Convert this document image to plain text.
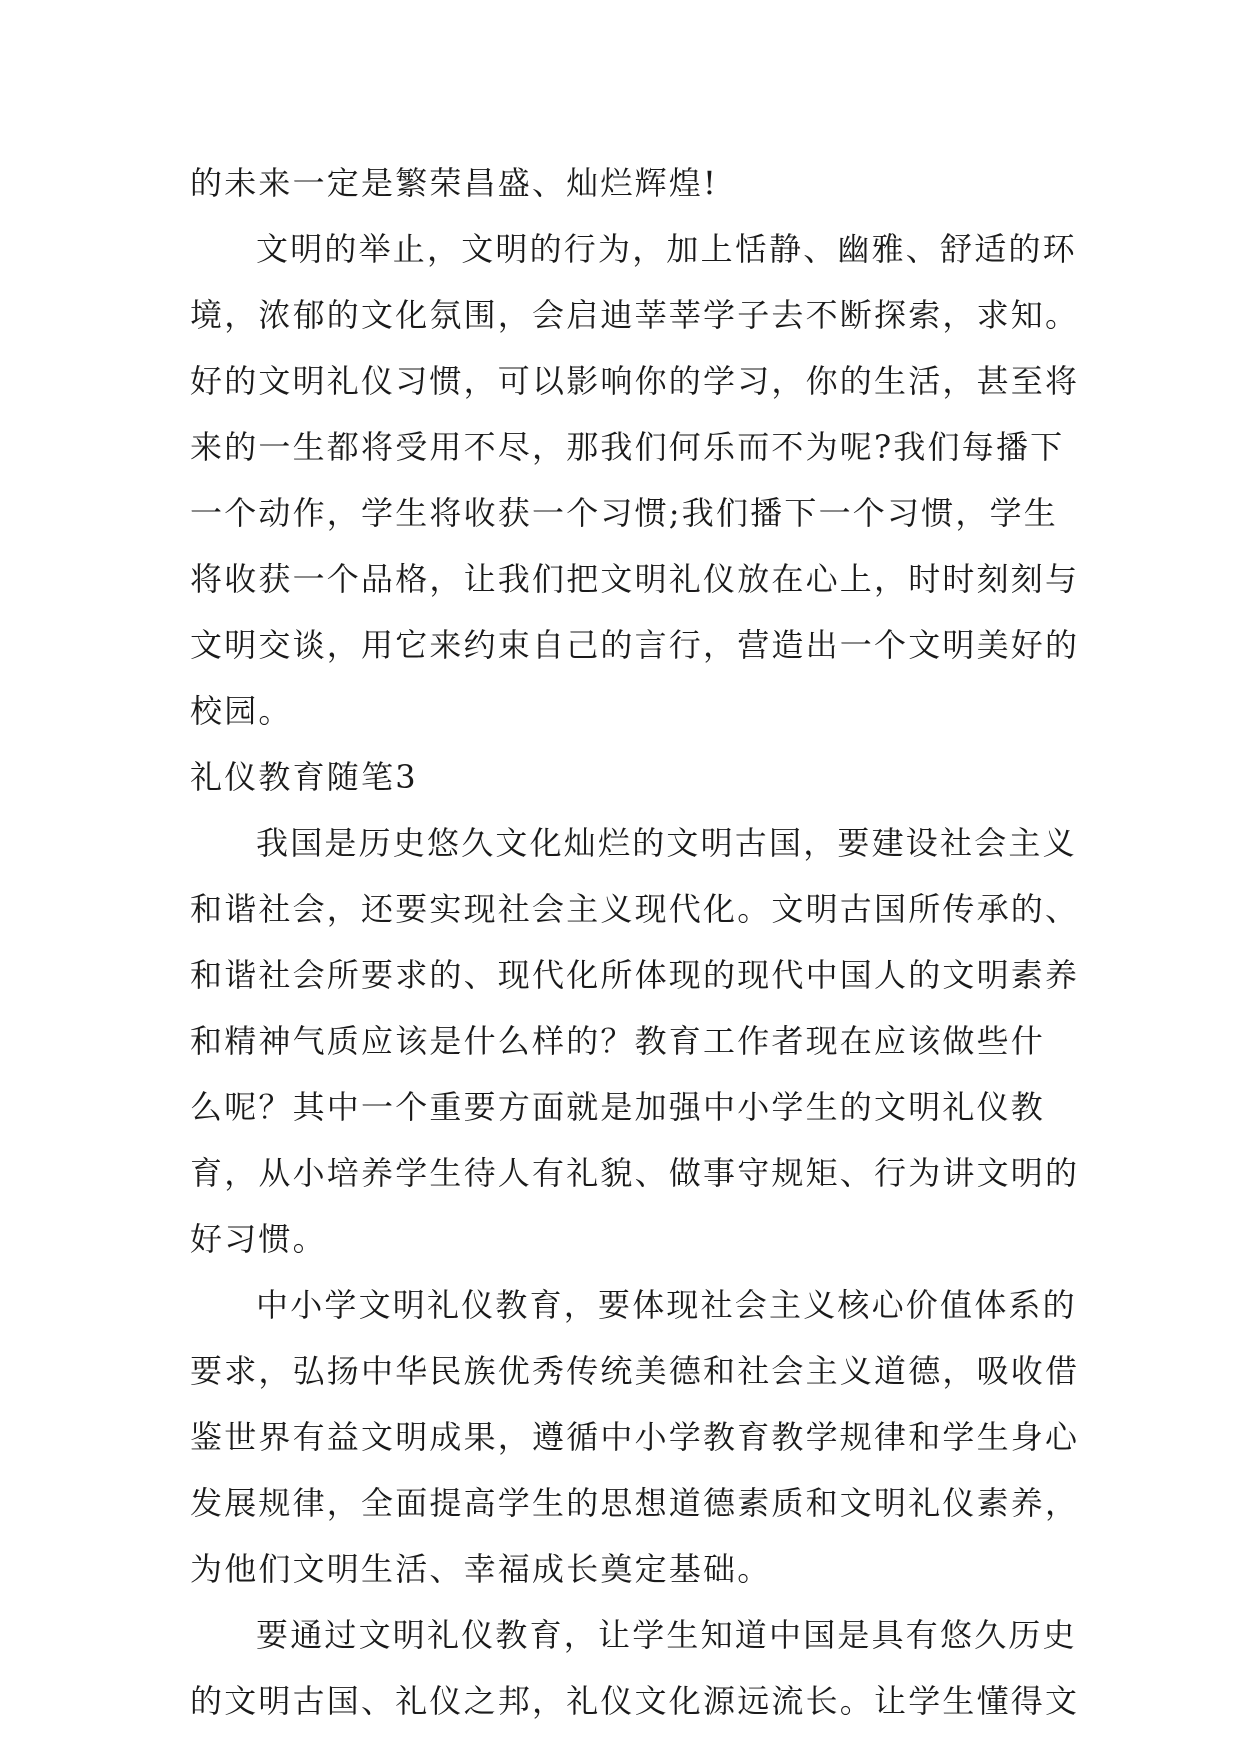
的未来一定是繁荣昌盛、灿烂辉煌!
文明的举止，文明的行为，加上恬静、幽雅、舒适的环
境，浓郁的文化氛围，会启迪莘莘学子去不断探索，求知。
好的文明礼仪习惯，可以影响你的学习，你的生活，甚至将
来的一生都将受用不尽，那我们何乐而不为呢?我们每播下
一个动作，学生将收获一个习惯;我们播下一个习惯，学生
将收获一个品格，让我们把文明礼仪放在心上，时时刻刻与
文明交谈，用它来约束自己的言行，营造出一个文明美好的
校园。
礼仪教育随笔3
我国是历史悠久文化灿烂的文明古国，要建设社会主义
和谐社会，还要实现社会主义现代化。文明古国所传承的、
和谐社会所要求的、现代化所体现的现代中国人的文明素养
和精神气质应该是什么样的？教育工作者现在应该做些什
么呢？其中一个重要方面就是加强中小学生的文明礼仪教
育，从小培养学生待人有礼貌、做事守规矩、行为讲文明的
好习惯。
中小学文明礼仪教育，要体现社会主义核心价值体系的
要求，弘扬中华民族优秀传统美德和社会主义道德，吸收借
鉴世界有益文明成果，遵循中小学教育教学规律和学生身心
发展规律，全面提高学生的思想道德素质和文明礼仪素养，
为他们文明生活、幸福成长奠定基础。
要通过文明礼仪教育，让学生知道中国是具有悠久历史
的文明古国、礼仪之邦，礼仪文化源远流长。让学生懂得文
